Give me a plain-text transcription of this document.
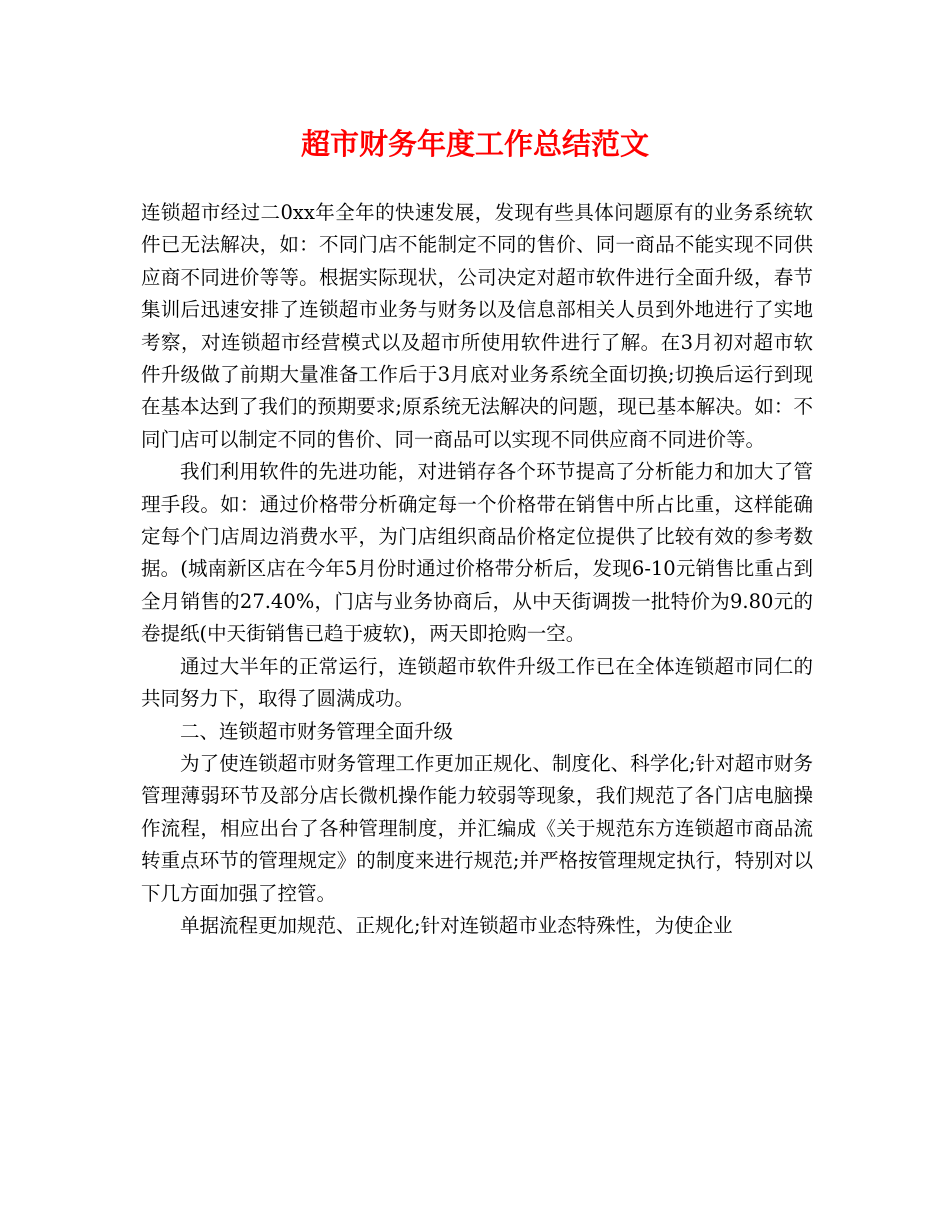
超市财务年度工作总结范文

连锁超市经过二0xx年全年的快速发展，发现有些具体问题原有的业务系统软件已无法解决，如：不同门店不能制定不同的售价、同一商品不能实现不同供应商不同进价等等。根据实际现状，公司决定对超市软件进行全面升级，春节集训后迅速安排了连锁超市业务与财务以及信息部相关人员到外地进行了实地考察，对连锁超市经营模式以及超市所使用软件进行了解。在3月初对超市软件升级做了前期大量准备工作后于3月底对业务系统全面切换;切换后运行到现在基本达到了我们的预期要求;原系统无法解决的问题，现已基本解决。如：不同门店可以制定不同的售价、同一商品可以实现不同供应商不同进价等。

我们利用软件的先进功能，对进销存各个环节提高了分析能力和加大了管理手段。如：通过价格带分析确定每一个价格带在销售中所占比重，这样能确定每个门店周边消费水平，为门店组织商品价格定位提供了比较有效的参考数据。(城南新区店在今年5月份时通过价格带分析后，发现6-10元销售比重占到全月销售的27.40%，门店与业务协商后，从中天街调拨一批特价为9.80元的卷提纸(中天街销售已趋于疲软)，两天即抢购一空。

通过大半年的正常运行，连锁超市软件升级工作已在全体连锁超市同仁的共同努力下，取得了圆满成功。

二、连锁超市财务管理全面升级

为了使连锁超市财务管理工作更加正规化、制度化、科学化;针对超市财务管理薄弱环节及部分店长微机操作能力较弱等现象，我们规范了各门店电脑操作流程，相应出台了各种管理制度，并汇编成《关于规范东方连锁超市商品流转重点环节的管理规定》的制度来进行规范;并严格按管理规定执行，特别对以下几方面加强了控管。

单据流程更加规范、正规化;针对连锁超市业态特殊性，为使企业
